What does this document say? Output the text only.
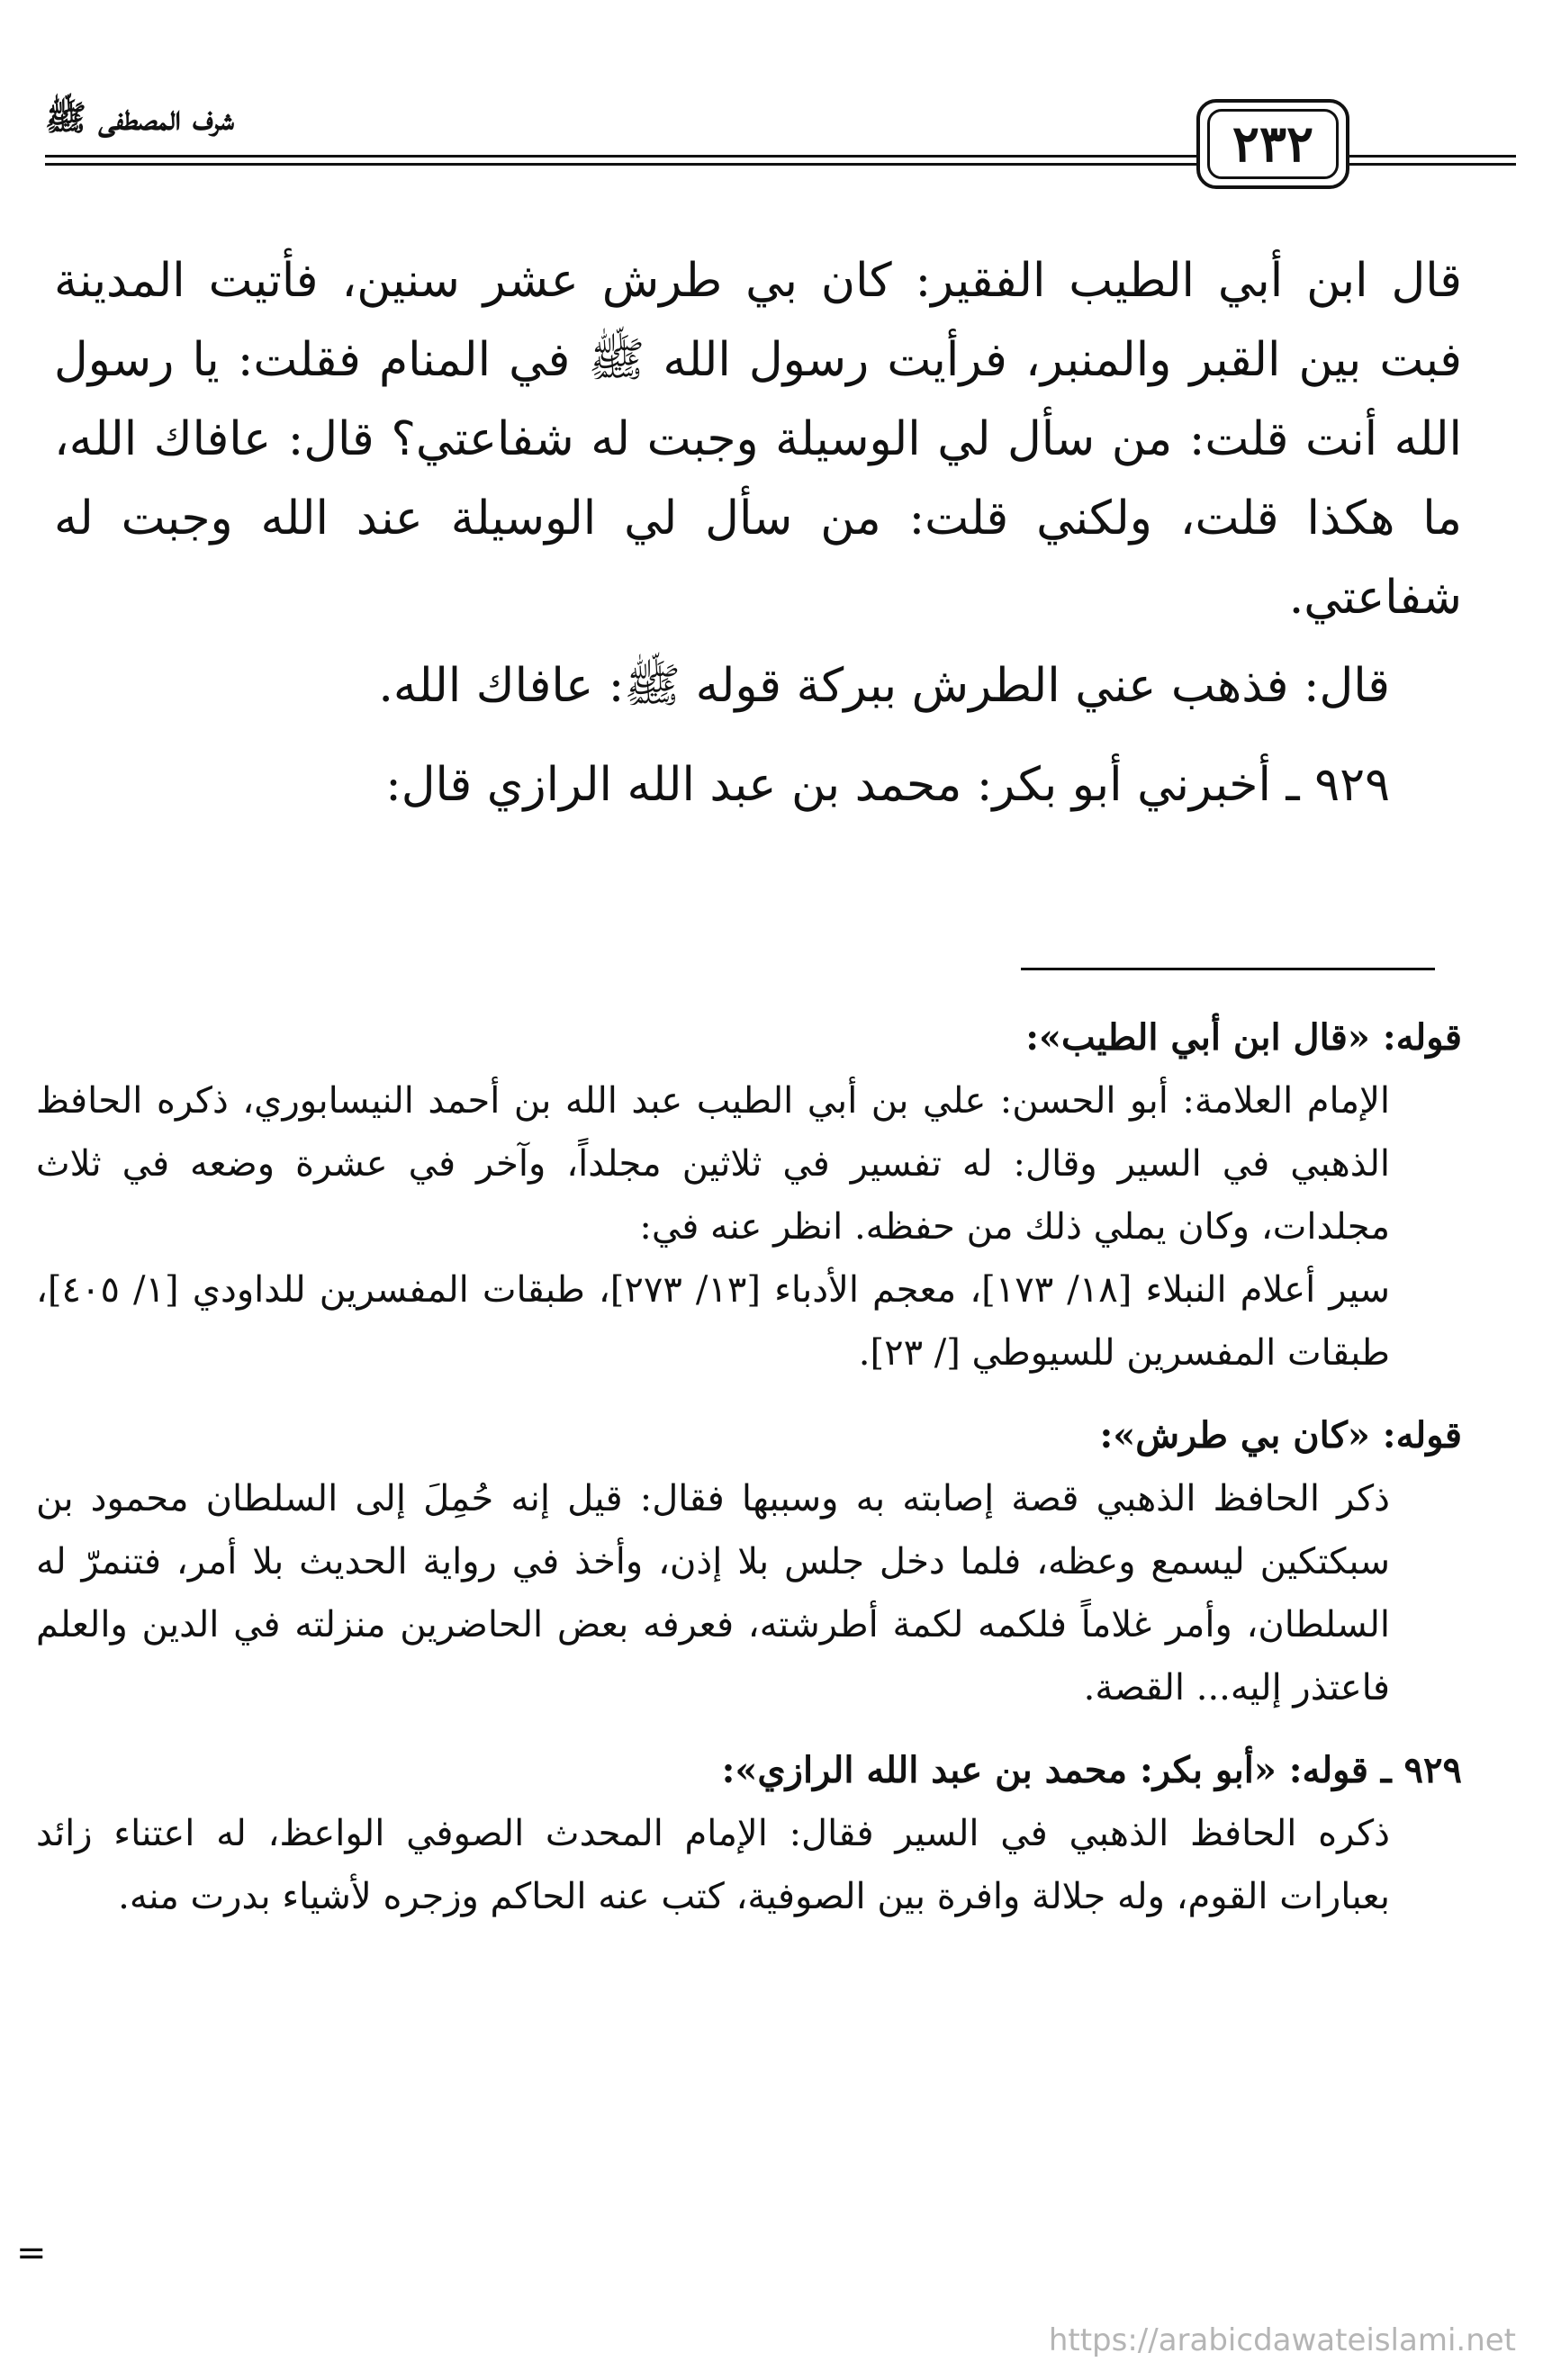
شرف المصطفى ﷺ	٢٣٢

قال ابن أبي الطيب الفقير: كان بي طرش عشر سنين، فأتيت المدينة فبت بين القبر والمنبر، فرأيت رسول الله ﷺ في المنام فقلت: يا رسول الله أنت قلت: من سأل لي الوسيلة وجبت له شفاعتي؟ قال: عافاك الله، ما هكذا قلت، ولكني قلت: من سأل لي الوسيلة عند الله وجبت له شفاعتي.

قال: فذهب عني الطرش ببركة قوله ﷺ: عافاك الله.

٩٢٩ ـ أخبرني أبو بكر: محمد بن عبد الله الرازي قال:

قوله: «قال ابن أبي الطيب»:

الإمام العلامة: أبو الحسن: علي بن أبي الطيب عبد الله بن أحمد النيسابوري، ذكره الحافظ الذهبي في السير وقال: له تفسير في ثلاثين مجلداً، وآخر في عشرة وضعه في ثلاث مجلدات، وكان يملي ذلك من حفظه. انظر عنه في:

سير أعلام النبلاء [١٨/ ١٧٣]، معجم الأدباء [١٣/ ٢٧٣]، طبقات المفسرين للداودي [١/ ٤٠٥]، طبقات المفسرين للسيوطي [/ ٢٣].

قوله: «كان بي طرش»:

ذكر الحافظ الذهبي قصة إصابته به وسببها فقال: قيل إنه حُمِلَ إلى السلطان محمود بن سبكتكين ليسمع وعظه، فلما دخل جلس بلا إذن، وأخذ في رواية الحديث بلا أمر، فتنمرّ له السلطان، وأمر غلاماً فلكمه لكمة أطرشته، فعرفه بعض الحاضرين منزلته في الدين والعلم فاعتذر إليه... القصة.

٩٢٩ ـ قوله: «أبو بكر: محمد بن عبد الله الرازي»:

ذكره الحافظ الذهبي في السير فقال: الإمام المحدث الصوفي الواعظ، له اعتناء زائد بعبارات القوم، وله جلالة وافرة بين الصوفية، كتب عنه الحاكم وزجره لأشياء بدرت منه.

=
https://arabicdawateislami.net
